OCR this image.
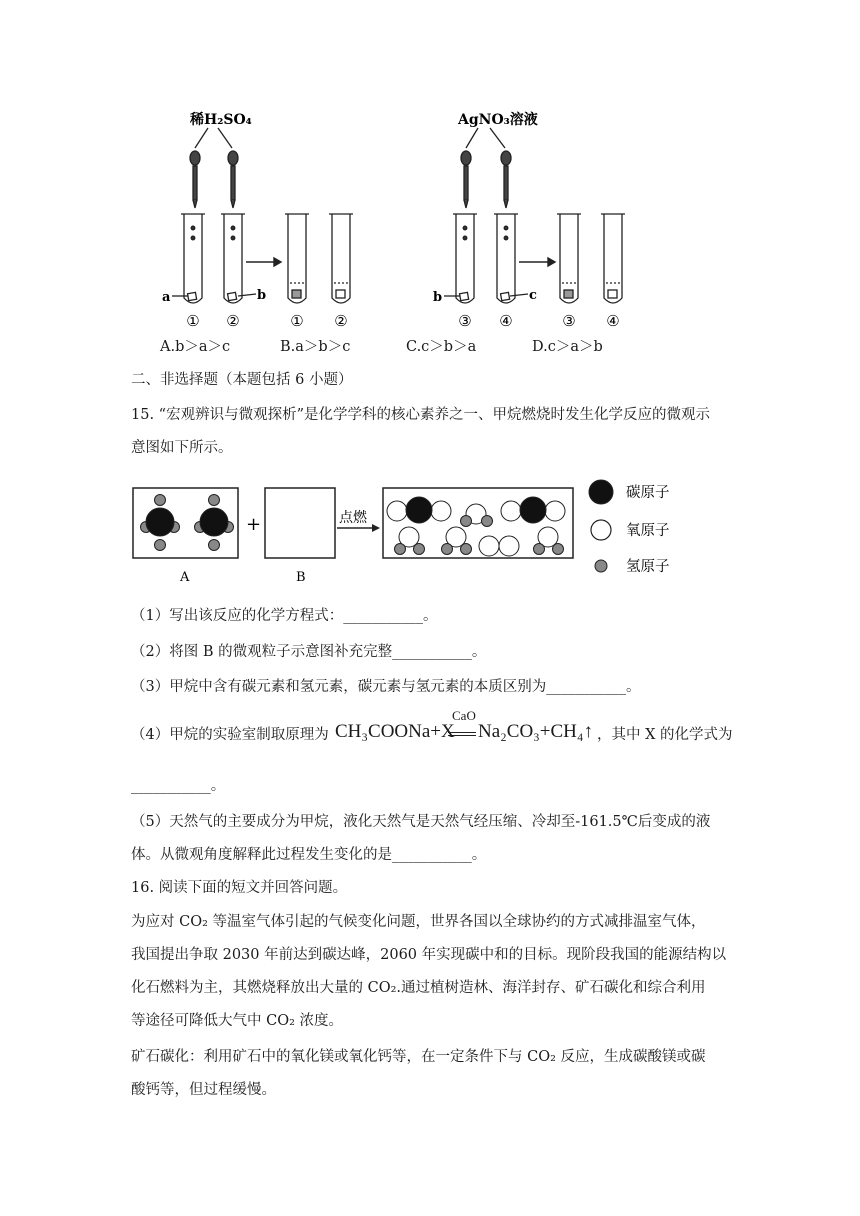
稀H₂SO₄	AgNO₃溶液
a	b	b	c
① ②	① ②	③ ④	③ ④
A.b＞a＞c	B.a＞b＞c	C.c＞b＞a	D.c＞a＞b
二、非选择题（本题包括 6 小题）
15. “宏观辨识与微观探析”是化学学科的核心素养之一、甲烷燃烧时发生化学反应的微观示
意图如下所示。
+	点燃
碳原子
氧原子
氢原子
A	B
（1）写出该反应的化学方程式：___________。
（2）将图 B 的微观粒子示意图补充完整___________。
（3）甲烷中含有碳元素和氢元素，碳元素与氢元素的本质区别为___________。
（4）甲烷的实验室制取原理为 CH₃COONa+X
CaO
Na₂CO₃+CH₄↑ ，其中 X 的化学式为
___________。
（5）天然气的主要成分为甲烷，液化天然气是天然气经压缩、冷却至-161.5℃后变成的液
体。从微观角度解释此过程发生变化的是___________。
16. 阅读下面的短文并回答问题。
为应对 CO₂ 等温室气体引起的气候变化问题，世界各国以全球协约的方式减排温室气体，
我国提出争取 2030 年前达到碳达峰，2060 年实现碳中和的目标。现阶段我国的能源结构以
化石燃料为主，其燃烧释放出大量的 CO₂.通过植树造林、海洋封存、矿石碳化和综合利用
等途径可降低大气中 CO₂ 浓度。
矿石碳化：利用矿石中的氧化镁或氧化钙等，在一定条件下与 CO₂ 反应，生成碳酸镁或碳
酸钙等，但过程缓慢。
